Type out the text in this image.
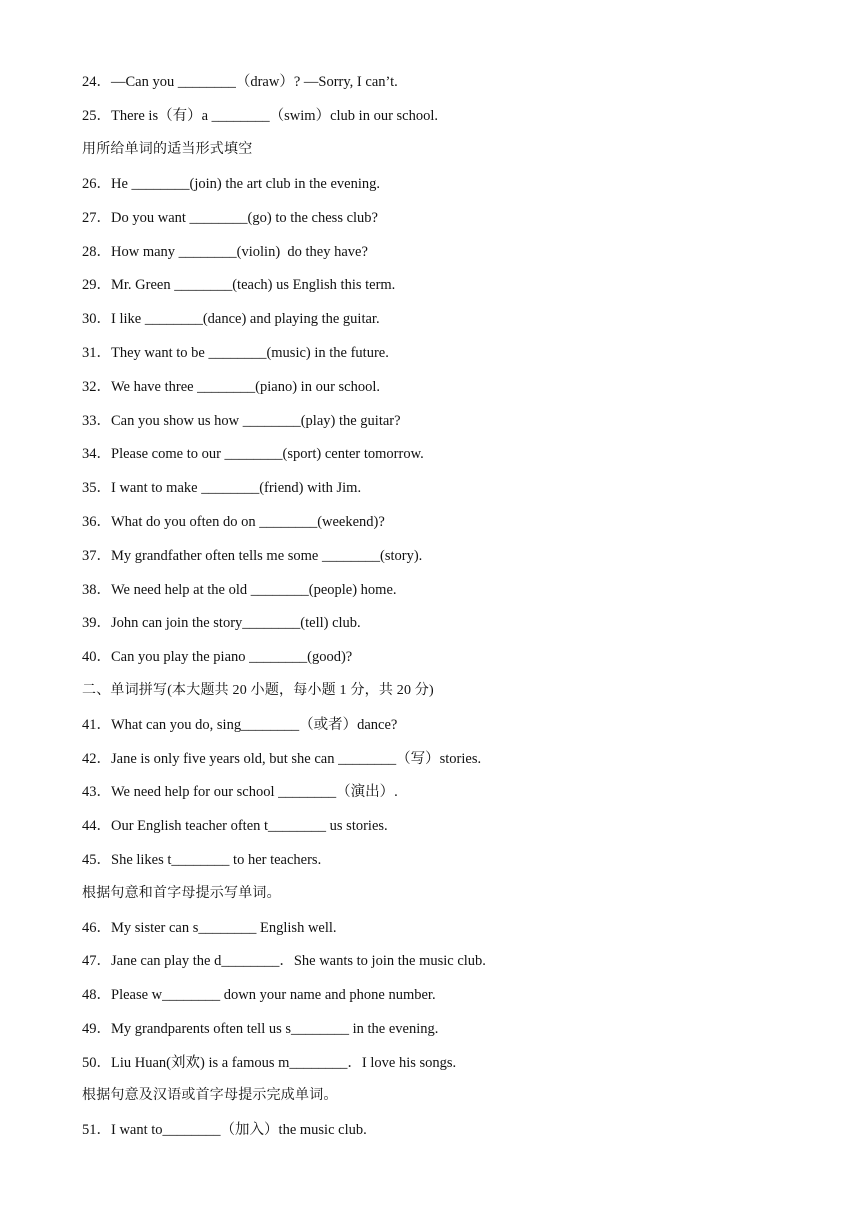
24．—Can you ________（draw）? —Sorry, I can’t.
25．There is（有）a ________（swim）club in our school.
用所给单词的适当形式填空
26．He ________(join) the art club in the evening.
27．Do you want ________(go) to the chess club?
28．How many ________(violin)  do they have?
29．Mr. Green ________(teach) us English this term.
30．I like ________(dance) and playing the guitar.
31．They want to be ________(music) in the future.
32．We have three ________(piano) in our school.
33．Can you show us how ________(play) the guitar?
34．Please come to our ________(sport) center tomorrow.
35．I want to make ________(friend) with Jim.
36．What do you often do on ________(weekend)?
37．My grandfather often tells me some ________(story).
38．We need help at the old ________(people) home.
39．John can join the story________(tell) club.
40．Can you play the piano ________(good)?
二、单词拼写(本大题共 20 小题，每小题 1 分，共 20 分)
41．What can you do, sing________（或者）dance?
42．Jane is only five years old, but she can ________（写）stories.
43．We need help for our school ________（演出）.
44．Our English teacher often t________ us stories.
45．She likes t________ to her teachers.
根据句意和首字母提示写单词。
46．My sister can s________ English well.
47．Jane can play the d________．She wants to join the music club.
48．Please w________ down your name and phone number.
49．My grandparents often tell us s________ in the evening.
50．Liu Huan(刘欢) is a famous m________．I love his songs.
根据句意及汉语或首字母提示完成单词。
51．I want to________（加入）the music club.
